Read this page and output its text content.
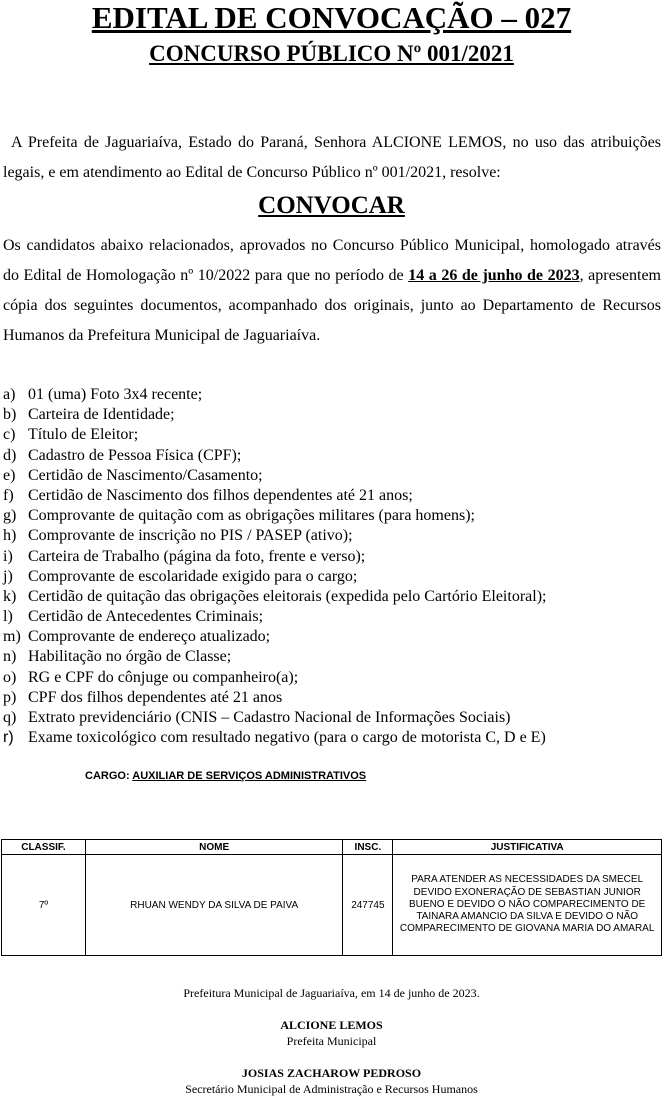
EDITAL DE CONVOCAÇÃO – 027
CONCURSO PÚBLICO Nº 001/2021
A Prefeita de Jaguariaíva, Estado do Paraná, Senhora ALCIONE LEMOS, no uso das atribuições legais, e em atendimento ao Edital de Concurso Público nº 001/2021, resolve:
CONVOCAR
Os candidatos abaixo relacionados, aprovados no Concurso Público Municipal, homologado através do Edital de Homologação nº 10/2022 para que no período de 14 a 26 de junho de 2023, apresentem cópia dos seguintes documentos, acompanhado dos originais, junto ao Departamento de Recursos Humanos da Prefeitura Municipal de Jaguariaíva.
a) 01 (uma) Foto 3x4 recente;
b) Carteira de Identidade;
c) Título de Eleitor;
d) Cadastro de Pessoa Física (CPF);
e) Certidão de Nascimento/Casamento;
f) Certidão de Nascimento dos filhos dependentes até 21 anos;
g) Comprovante de quitação com as obrigações militares (para homens);
h) Comprovante de inscrição no PIS / PASEP (ativo);
i) Carteira de Trabalho (página da foto, frente e verso);
j) Comprovante de escolaridade exigido para o cargo;
k) Certidão de quitação das obrigações eleitorais (expedida pelo Cartório Eleitoral);
l) Certidão de Antecedentes Criminais;
m) Comprovante de endereço atualizado;
n) Habilitação no órgão de Classe;
o) RG e CPF do cônjuge ou companheiro(a);
p) CPF dos filhos dependentes até 21 anos
q) Extrato previdenciário (CNIS – Cadastro Nacional de Informações Sociais)
r) Exame toxicológico com resultado negativo (para o cargo de motorista C, D e E)
CARGO: AUXILIAR DE SERVIÇOS ADMINISTRATIVOS
CLASSIF.	NOME	INSC.	JUSTIFICATIVA
7º	RHUAN WENDY DA SILVA DE PAIVA	247745	PARA ATENDER AS NECESSIDADES DA SMECEL DEVIDO EXONERAÇÃO DE SEBASTIAN JUNIOR BUENO E DEVIDO O NÃO COMPARECIMENTO DE TAINARA AMANCIO DA SILVA E DEVIDO O NÃO COMPARECIMENTO DE GIOVANA MARIA DO AMARAL
Prefeitura Municipal de Jaguariaíva, em 14 de junho de 2023.
ALCIONE LEMOS
Prefeita Municipal
JOSIAS ZACHAROW PEDROSO
Secretário Municipal de Administração e Recursos Humanos
